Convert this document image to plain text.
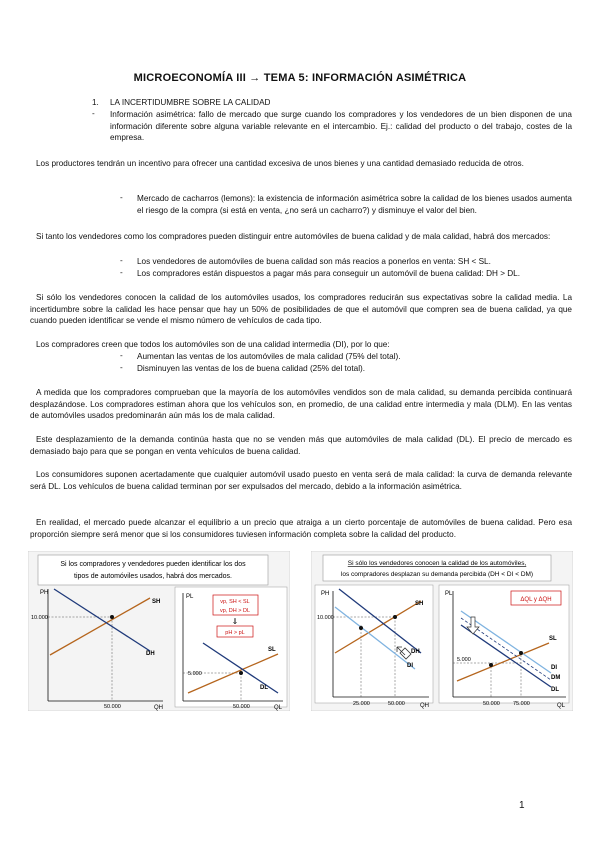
MICROECONOMÍA III → TEMA 5: INFORMACIÓN ASIMÉTRICA
1. LA INCERTIDUMBRE SOBRE LA CALIDAD
- Información asimétrica: fallo de mercado que surge cuando los compradores y los vendedores de un bien disponen de una información diferente sobre alguna variable relevante en el intercambio. Ej.: calidad del producto o del trabajo, costes de la empresa.
Los productores tendrán un incentivo para ofrecer una cantidad excesiva de unos bienes y una cantidad demasiado reducida de otros.
- Mercado de cacharros (lemons): la existencia de información asimétrica sobre la calidad de los bienes usados aumenta el riesgo de la compra (si está en venta, ¿no será un cacharro?) y disminuye el valor del bien.
Si tanto los vendedores como los compradores pueden distinguir entre automóviles de buena calidad y de mala calidad, habrá dos mercados:
- Los vendedores de automóviles de buena calidad son más reacios a ponerlos en venta: SH < SL.
- Los compradores están dispuestos a pagar más para conseguir un automóvil de buena calidad: DH > DL.
Si sólo los vendedores conocen la calidad de los automóviles usados, los compradores reducirán sus expectativas sobre la calidad media. La incertidumbre sobre la calidad les hace pensar que hay un 50% de posibilidades de que el automóvil que compren sea de buena calidad, ya que cuando pueden identificar se vende el mismo número de vehículos de cada tipo.
Los compradores creen que todos los automóviles son de una calidad intermedia (DI), por lo que:
- Aumentan las ventas de los automóviles de mala calidad (75% del total).
- Disminuyen las ventas de los de buena calidad (25% del total).
A medida que los compradores comprueban que la mayoría de los automóviles vendidos son de mala calidad, su demanda percibida continuará desplazándose. Los compradores estiman ahora que los vehículos son, en promedio, de una calidad entre intermedia y mala (DLM). En las ventas de automóviles usados predominarán aún más los de mala calidad.
Este desplazamiento de la demanda continúa hasta que no se venden más que automóviles de mala calidad (DL). El precio de mercado es demasiado bajo para que se pongan en venta vehículos de buena calidad.
Los consumidores suponen acertadamente que cualquier automóvil usado puesto en venta será de mala calidad: la curva de demanda relevante será DL. Los vehículos de buena calidad terminan por ser expulsados del mercado, debido a la información asimétrica.
En realidad, el mercado puede alcanzar el equilibrio a un precio que atraiga a un cierto porcentaje de automóviles de buena calidad. Pero esa proporción siempre será menor que si los consumidores tuviesen información completa sobre la calidad del producto.
Si los compradores y vendedores pueden identificar los dos
tipos de automóviles usados, habrá dos mercados.
PH
QH
10.000
50.000
SH
DH
PL
QL
vp, SH < SL
vp, DH > DL
⇓
pH > pL
5.000
50.000
SL
DL
Si sólo los vendedores conocen la calidad de los automóviles,
los compradores desplazan su demanda percibida (DH < DI < DM)
PH
QH
10.000
25.000	50.000
SH
DH
DI
PL
QL
ΔQL y ΔQH
5.000
50.000 75.000
SL
DL
DI
DM
1
